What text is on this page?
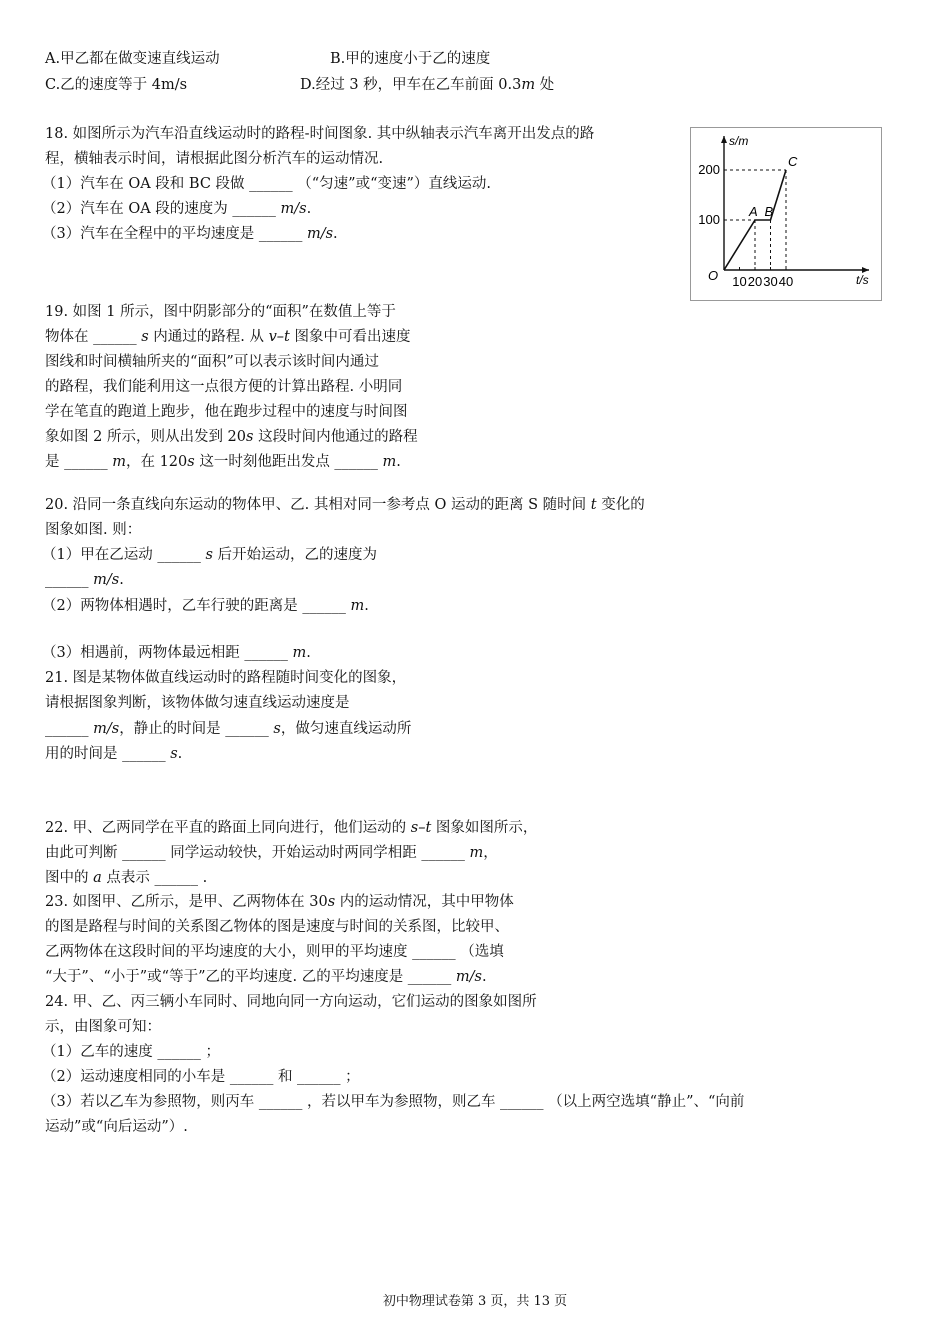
A.甲乙都在做变速直线运动	B.甲的速度小于乙的速度
C.乙的速度等于 4m/s	D.经过 3 秒，甲车在乙车前面 0.3m 处
18. 如图所示为汽车沿直线运动时的路程-时间图象. 其中纵轴表示汽车离开出发点的路
程，横轴表示时间，请根据此图分析汽车的运动情况.
（1）汽车在 OA 段和 BC 段做 ______ （“匀速”或“变速”）直线运动.
（2）汽车在 OA 段的速度为 ______ m/s.
（3）汽车在全程中的平均速度是 ______ m/s.
s/m
t/s
O 10 20 30 40
100
200
A B
C
19. 如图 1 所示，图中阴影部分的“面积”在数值上等于
物体在 ______ s 内通过的路程. 从 v–t 图象中可看出速度
图线和时间横轴所夹的“面积”可以表示该时间内通过
的路程，我们能利用这一点很方便的计算出路程. 小明同
学在笔直的跑道上跑步，他在跑步过程中的速度与时间图
象如图 2 所示，则从出发到 20s 这段时间内他通过的路程
是 ______ m，在 120s 这一时刻他距出发点 ______ m.
20. 沿同一条直线向东运动的物体甲、乙. 其相对同一参考点 O 运动的距离 S 随时间 t 变化的
图象如图. 则：
（1）甲在乙运动 ______ s 后开始运动，乙的速度为
______ m/s.
（2）两物体相遇时，乙车行驶的距离是 ______ m.
（3）相遇前，两物体最远相距 ______ m.
21. 图是某物体做直线运动时的路程随时间变化的图象，
请根据图象判断，该物体做匀速直线运动速度是
______ m/s，静止的时间是 ______ s，做匀速直线运动所
用的时间是 ______ s.
22. 甲、乙两同学在平直的路面上同向进行，他们运动的 s–t 图象如图所示，
由此可判断 ______ 同学运动较快，开始运动时两同学相距 ______ m，
图中的 a 点表示 ______ .
23. 如图甲、乙所示，是甲、乙两物体在 30s 内的运动情况，其中甲物体
的图是路程与时间的关系图乙物体的图是速度与时间的关系图，比较甲、
乙两物体在这段时间的平均速度的大小，则甲的平均速度 ______ （选填
“大于”、“小于”或“等于”乙的平均速度. 乙的平均速度是 ______ m/s.
24. 甲、乙、丙三辆小车同时、同地向同一方向运动，它们运动的图象如图所
示，由图象可知：
（1）乙车的速度 ______ ；
（2）运动速度相同的小车是 ______ 和 ______ ；
（3）若以乙车为参照物，则丙车 ______ ，若以甲车为参照物，则乙车 ______ （以上两空选填“静止”、“向前
运动”或“向后运动”）.
初中物理试卷第 3 页，共 13 页
